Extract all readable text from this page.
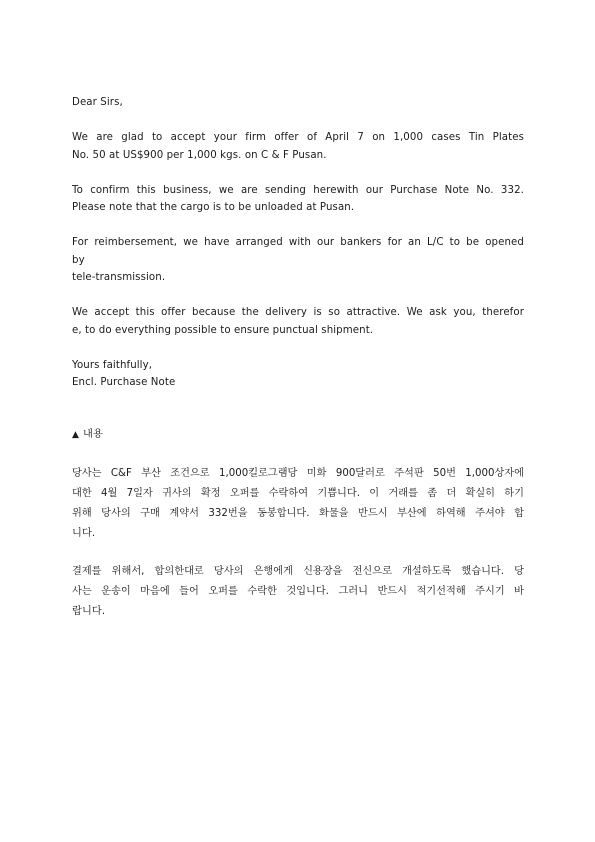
Dear Sirs,
We are glad to accept your firm offer of April 7 on 1,000 cases Tin Plates
No. 50 at US$900 per 1,000 kgs. on C & F Pusan.
To confirm this business, we are sending herewith our Purchase Note No. 332.
Please note that the cargo is to be unloaded at Pusan.
For reimbersement, we have arranged with our bankers for an L/C to be opened
by
tele-transmission.
We accept this offer because the delivery is so attractive. We ask you, therefor
e, to do everything possible to ensure punctual shipment.
Yours faithfully,
Encl. Purchase Note
▲ 내용
당사는 C&F 부산 조건으로 1,000킬로그램당 미화 900달러로 주석판 50번 1,000상자에
대한 4월 7일자 귀사의 확정 오퍼를 수락하여 기쁩니다. 이 거래를 좀 더 확실히 하기
위해 당사의 구매 계약서 332번을 동봉합니다. 화물을 반드시 부산에 하역해 주셔야 합
니다.
결제를 위해서, 합의한대로 당사의 은행에게 신용장을 전신으로 개설하도록 했습니다. 당
사는 운송이 마음에 들어 오퍼를 수락한 것입니다. 그러니 반드시 적기선적해 주시기 바
랍니다.
